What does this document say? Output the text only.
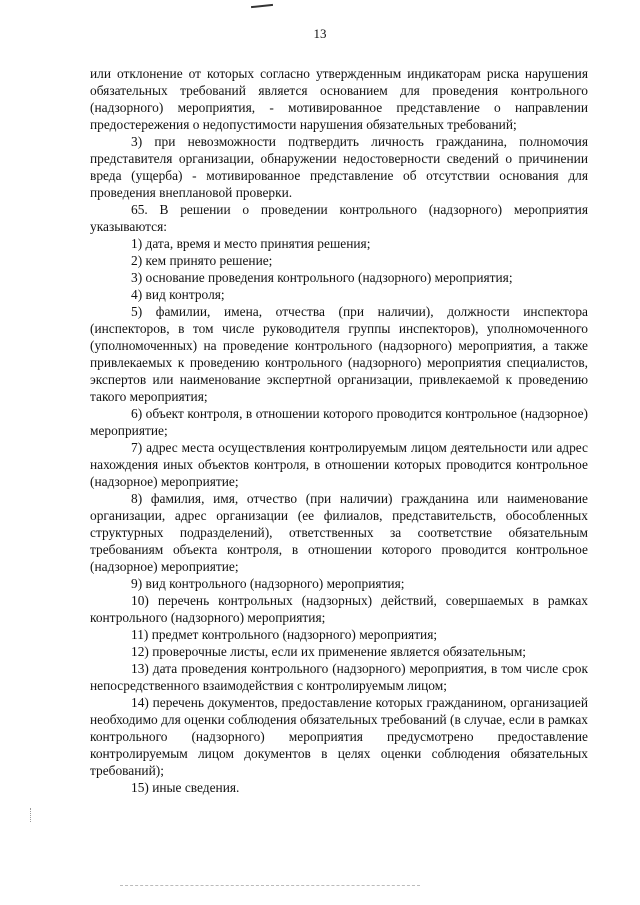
13

или отклонение от которых согласно утвержденным индикаторам риска нарушения обязательных требований является основанием для проведения контрольного (надзорного) мероприятия, - мотивированное представление о направлении предостережения о недопустимости нарушения обязательных требований;

3) при невозможности подтвердить личность гражданина, полномочия представителя организации, обнаружении недостоверности сведений о причинении вреда (ущерба) - мотивированное представление об отсутствии основания для проведения внеплановой проверки.

65. В решении о проведении контрольного (надзорного) мероприятия указываются:

1) дата, время и место принятия решения;

2) кем принято решение;

3) основание проведения контрольного (надзорного) мероприятия;

4) вид контроля;

5) фамилии, имена, отчества (при наличии), должности инспектора (инспекторов, в том числе руководителя группы инспекторов), уполномоченного (уполномоченных) на проведение контрольного (надзорного) мероприятия, а также привлекаемых к проведению контрольного (надзорного) мероприятия специалистов, экспертов или наименование экспертной организации, привлекаемой к проведению такого мероприятия;

6) объект контроля, в отношении которого проводится контрольное (надзорное) мероприятие;

7) адрес места осуществления контролируемым лицом деятельности или адрес нахождения иных объектов контроля, в отношении которых проводится контрольное (надзорное) мероприятие;

8) фамилия, имя, отчество (при наличии) гражданина или наименование организации, адрес организации (ее филиалов, представительств, обособленных структурных подразделений), ответственных за соответствие обязательным требованиям объекта контроля, в отношении которого проводится контрольное (надзорное) мероприятие;

9) вид контрольного (надзорного) мероприятия;

10) перечень контрольных (надзорных) действий, совершаемых в рамках контрольного (надзорного) мероприятия;

11) предмет контрольного (надзорного) мероприятия;

12) проверочные листы, если их применение является обязательным;

13) дата проведения контрольного (надзорного) мероприятия, в том числе срок непосредственного взаимодействия с контролируемым лицом;

14) перечень документов, предоставление которых гражданином, организацией необходимо для оценки соблюдения обязательных требований (в случае, если в рамках контрольного (надзорного) мероприятия предусмотрено предоставление контролируемым лицом документов в целях оценки соблюдения обязательных требований);

15) иные сведения.
